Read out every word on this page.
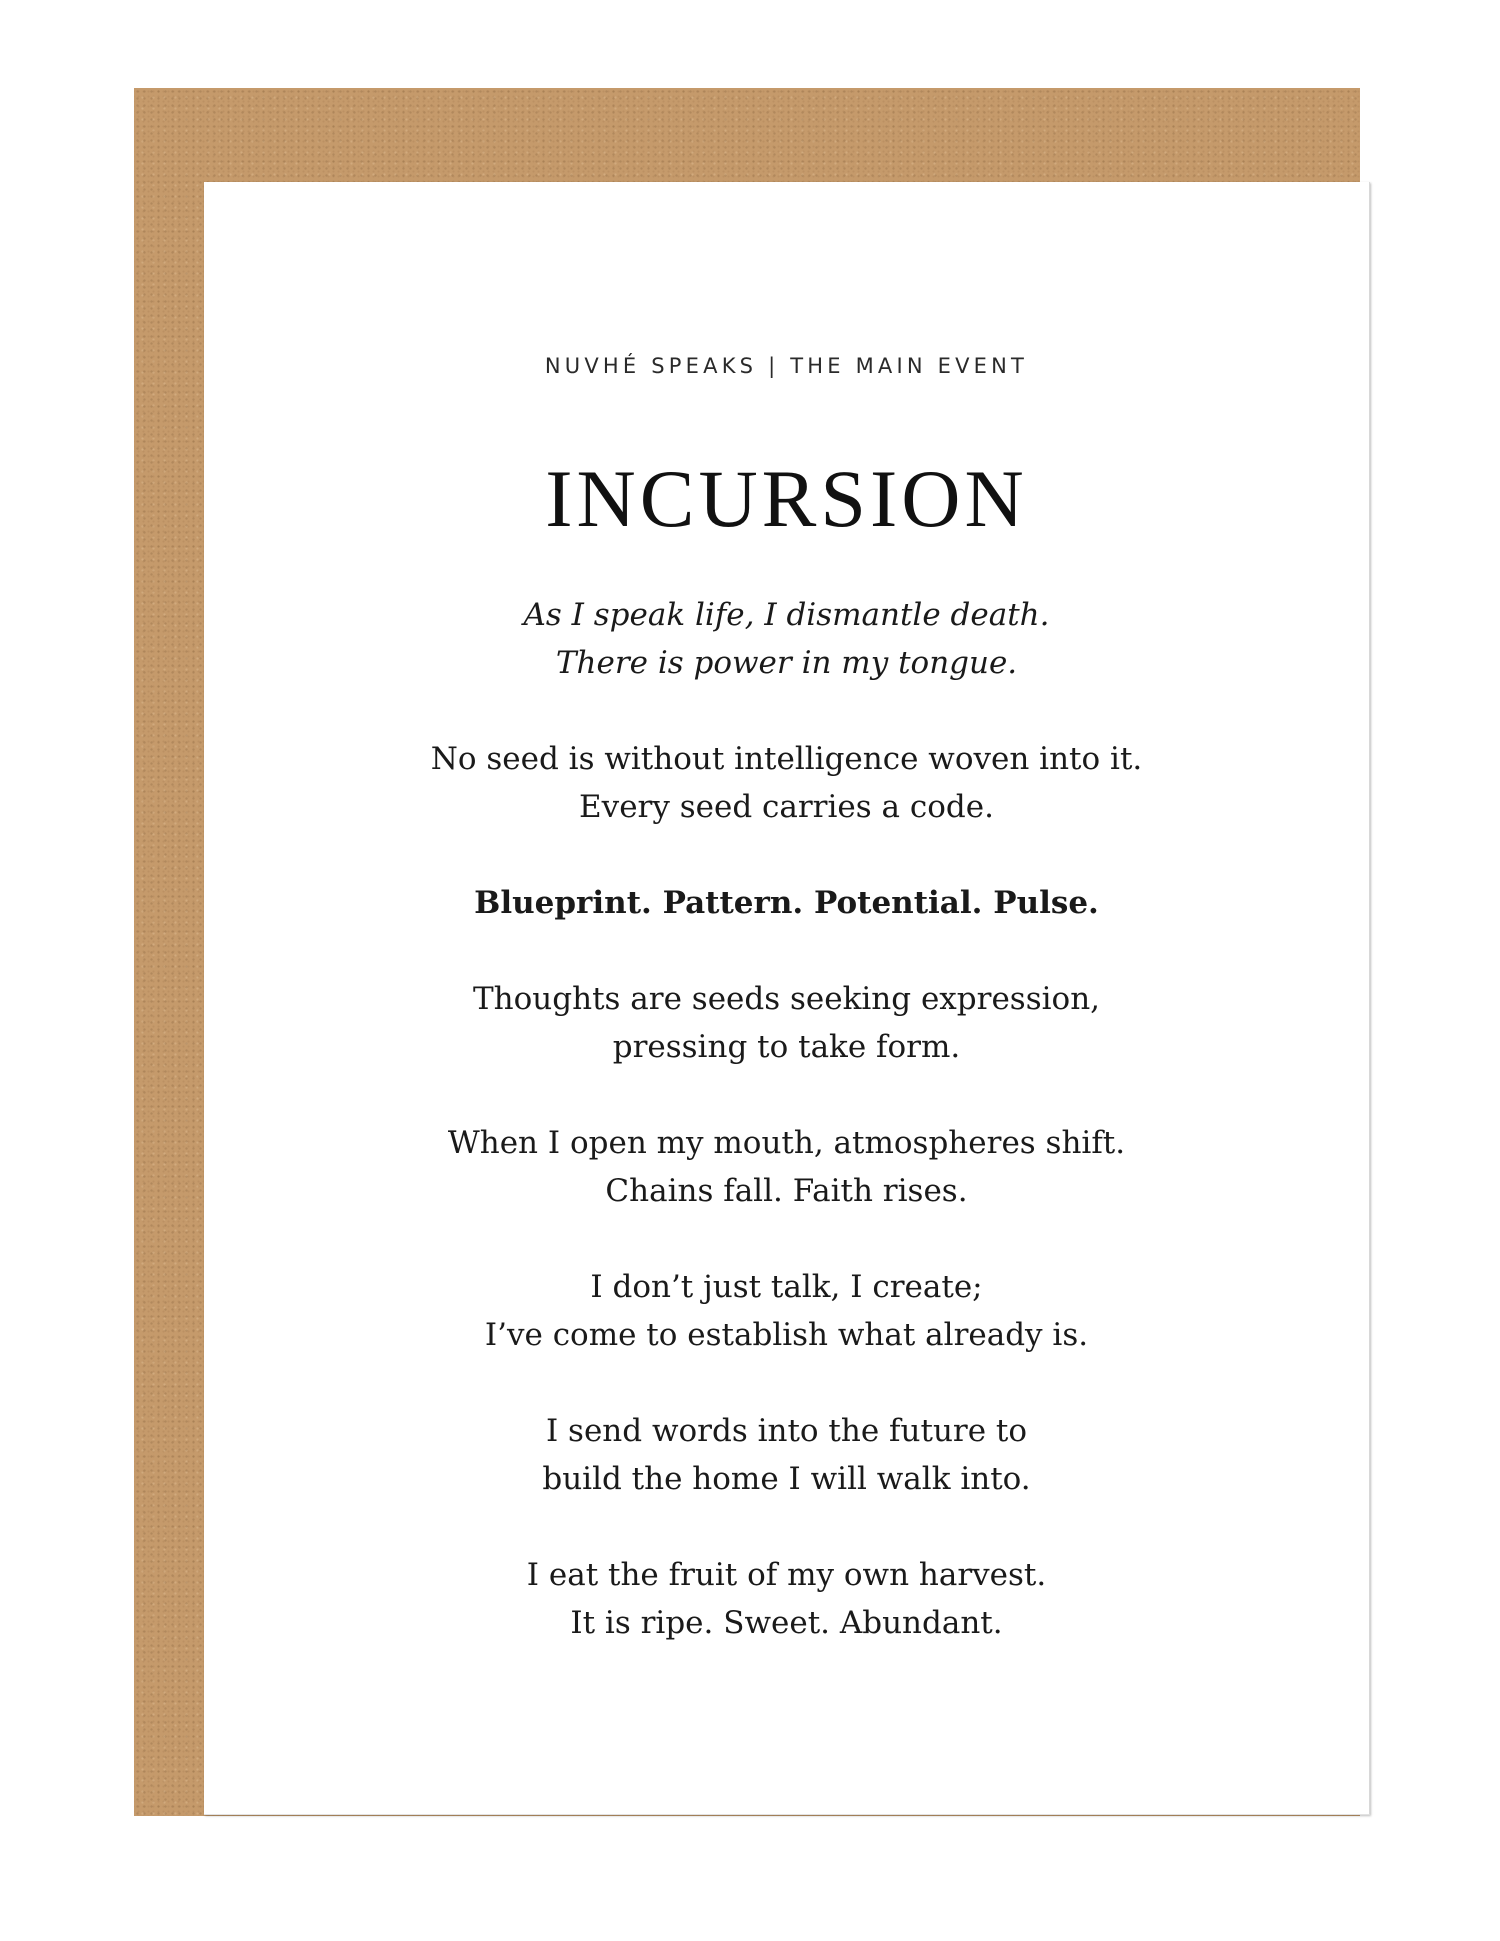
NUVHÉ SPEAKS | THE MAIN EVENT
INCURSION
As I speak life, I dismantle death.
There is power in my tongue.
No seed is without intelligence woven into it.
Every seed carries a code.
Blueprint. Pattern. Potential. Pulse.
Thoughts are seeds seeking expression,
pressing to take form.
When I open my mouth, atmospheres shift.
Chains fall. Faith rises.
I don’t just talk, I create;
I’ve come to establish what already is.
I send words into the future to
build the home I will walk into.
I eat the fruit of my own harvest.
It is ripe. Sweet. Abundant.
